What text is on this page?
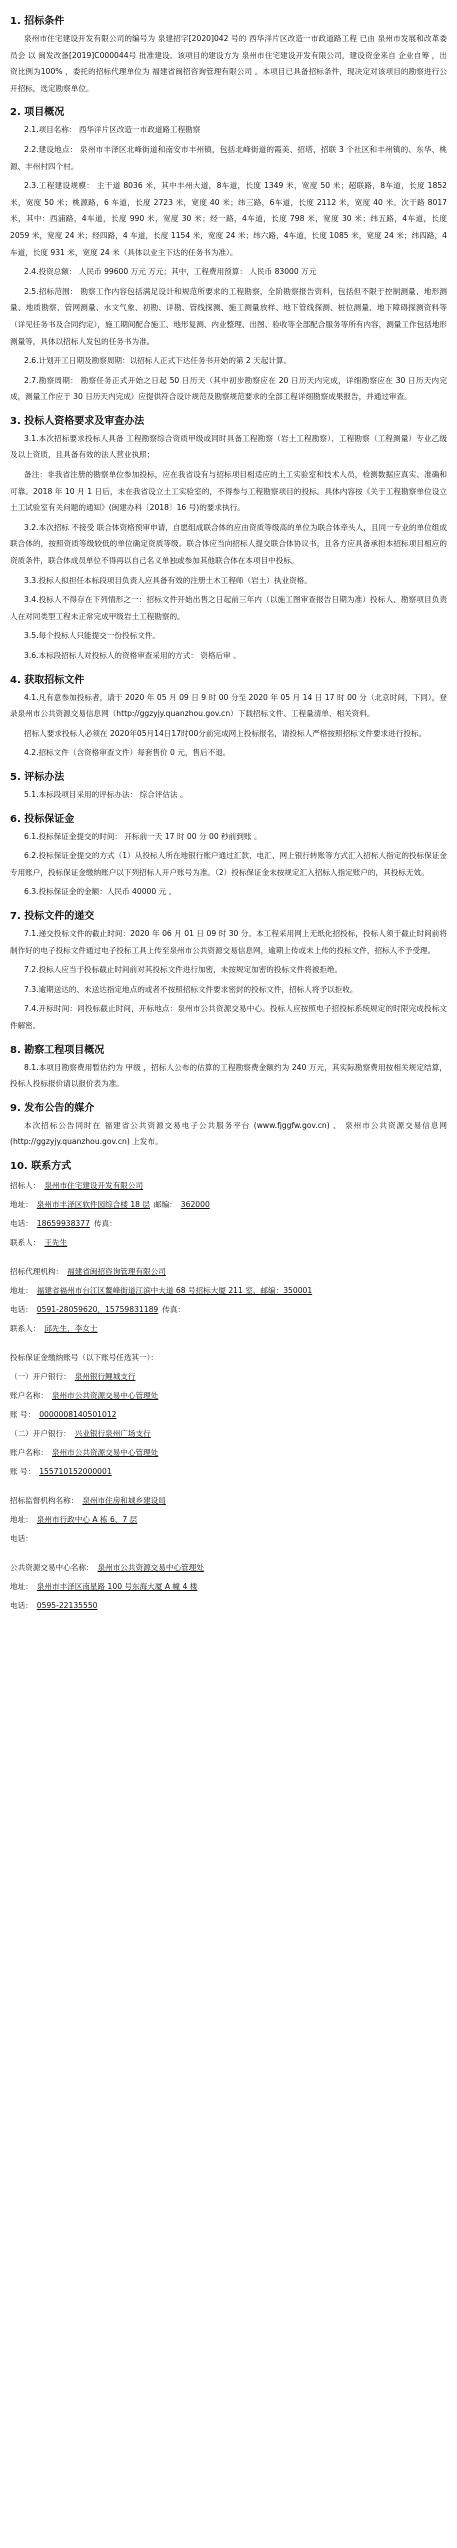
1. 招标条件

泉州市住宅建设开发有限公司的编号为 泉建招字[2020]042 号的 西华洋片区改造一市政道路工程 已由 泉州市发展和改革委员会 以 闽发改备[2019]C000044号 批准建设。该项目的建设方为 泉州市住宅建设开发有限公司，建设资金来自 企业自筹 ，出资比例为100% ，委托的招标代理单位为 福建省闽招咨询管理有限公司 。本项目已具备招标条件，现决定对该项目的勘察进行公开招标，选定勘察单位。

2. 项目概况

2.1.项目名称： 西华洋片区改造一市政道路工程勘察

2.2.建设地点： 泉州市丰泽区北峰街道和南安市丰州镇，包括北峰街道的霞美、招塔，招联 3 个社区和丰州镇的、东华、桃源、丰州村四个村。

2.3.工程建设规模： 主干道 8036 米，其中丰州大道，8车道，长度 1349 米，宽度 50 米；超联路，8车道，长度 1852 米，宽度 50 米；桃源路，6 车道，长度 2723 米，宽度 40 米；纬三路，6车道，长度 2112 米，宽度 40 米。次干路 8017 米，其中：西浦路，4车道，长度 990 米，宽度 30 米；经一路，4车道，长度 798 米，宽度 30 米；纬五路，4车道，长度 2059 米，宽度 24 米；经四路，4 车道，长度 1154 米，宽度 24 米；纬六路，4车道，长度 1085 米，宽度 24 米；纬四路，4车道，长度 931 米，宽度 24 米（具体以业主下达的任务书为准）。

2.4.投资总额： 人民币 99600 万元 万元；其中，工程费用预算： 人民币 83000 万元

2.5.招标范围： 勘察工作内容包括满足设计和规范所要求的工程勘察，全阶勘察报告资料，包括但不限于控制测量、地形测量、地质勘察、管网测量、水文气象、初勘、详勘、管线探测、施工测量放样、地下管线探测、桩位测量、地下障碍探测资料等（详见任务书及合同约定），施工期间配合施工、地形复测、内业整理、出图、验收等全部配合服务等所有内容，测量工作包括地形测量等，具体以招标人发包的任务书为准。

2.6.计划开工日期及勘察周期：以招标人正式下达任务书开始的第 2 天起计算。

2.7.勘察周期： 勘察任务正式开始之日起 50 日历天（其中初步勘察应在 20 日历天内完成，详细勘察应在 30 日历天内完成，测量工作应于 30 日历天内完成）应提供符合设计规范及勘察规范要求的全部工程详细勘察成果报告，并通过审查。

3. 投标人资格要求及审查办法

3.1.本次招标要求投标人具备 工程勘察综合资质甲级或同时具备工程勘察（岩土工程勘察）、工程勘察（工程测量）专业乙级及以上资质，且具备有效的法人营业执照；

备注：非我省注册的勘察单位参加投标，应在我省设有与招标项目相适应的土工实验室和技术人员，检测数据应真实、准确和可靠。2018 年 10 月 1 日后，未在我省设立土工实验室的，不得参与工程勘察项目的投标。具体内容按《关于工程勘察单位设立土工试验室有关问题的通知》(闽建办科〔2018〕16 号)的要求执行。

3.2.本次招标 不接受 联合体资格预审申请，自愿组成联合体的应由资质等级高的单位为联合体牵头人，且同一专业的单位组成联合体的，按照资质等级较低的单位确定资质等级。联合体应当向招标人提交联合体协议书，且各方应具备承担本招标项目相应的资质条件，联合体成员单位不得再以自己名义单独或参加其他联合体在本项目中投标。

3.3.投标人拟担任本标段项目负责人应具备有效的注册土木工程师（岩土）执业资格。

3.4.投标人不得存在下列情形之一：招标文件开始出售之日起前三年内（以施工图审查报告日期为准）投标人、勘察项目负责人在对同类型工程未正常完成甲级岩土工程勘察的。

3.5.每个投标人只能提交一份投标文件。

3.6.本标段招标人对投标人的资格审查采用的方式： 资格后审 。

4. 获取招标文件

4.1.凡有意参加投标者，请于 2020 年 05 月 09 日 9 时 00 分至 2020 年 05 月 14 日 17 时 00 分（北京时间，下同），登录泉州市公共资源交易信息网（http://ggzyjy.quanzhou.gov.cn）下载招标文件、工程量清单、相关资料。

招标人要求投标人必须在 2020年05月14日17时00分前完成网上投标报名，请投标人严格按照招标文件要求进行投标。

4.2.招标文件（含资格审查文件）每套售价 0 元，售后不退。

5. 评标办法

5.1.本标段项目采用的评标办法： 综合评估法 。

6. 投标保证金

6.1.投标保证金提交的时间： 开标前一天 17 时 00 分 00 秒前到账 。

6.2.投标保证金提交的方式（1）从投标人所在地银行账户通过汇款、电汇、网上银行转账等方式汇入招标人指定的投标保证金专用账户，投标保证金缴纳账户以下列招标人开户账号为准。（2）投标保证金未按规定汇入招标人指定账户的，其投标无效。

6.3.投标保证金的金额：人民币 40000 元 。

7. 投标文件的递交

7.1.递交投标文件的截止时间：2020 年 06 月 01 日 09 时 30 分。本工程采用网上无纸化招投标，投标人须于截止时间前将制作好的电子投标文件通过电子投标工具上传至泉州市公共资源交易信息网，逾期上传或未上传的投标文件，招标人不予受理。

7.2.投标人应当于投标截止时间前对其投标文件进行加密，未按规定加密的投标文件将被拒绝。

7.3.逾期送达的、未送达指定地点的或者不按照招标文件要求密封的投标文件，招标人将予以拒收。

7.4.开标时间：同投标截止时间，开标地点：泉州市公共资源交易中心。投标人应按照电子招投标系统规定的时限完成投标文件解密。

8. 勘察工程项目概况

8.1.本项目勘察费用暂估约为 甲级 ，招标人公布的估算的工程勘察费金额约为 240 万元，其实际勘察费用按相关规定结算，投标人投标报价请以报价表为准。

9. 发布公告的媒介

本次招标公告同时在 福建省公共资源交易电子公共服务平台 (www.fjggfw.gov.cn) 、 泉州市公共资源交易信息网 (http://ggzyjy.quanzhou.gov.cn) 上发布。

10. 联系方式
招标人： 泉州市住宅建设开发有限公司
地址： 泉州市丰泽区软件园综合楼 18 层 邮编： 362000
电话： 18659938377 传真：
联系人： 王先生
招标代理机构： 福建省闽招咨询管理有限公司
地址： 福建省福州市台江区鳌峰街道江滨中大道 68 号招标大厦 211 室，邮编：350001
电话： 0591-28059620，15759831189 传真：
联系人： 邱先生，李女士
投标保证金缴纳账号（以下账号任选其一）：
（一）开户银行： 泉州银行鲤城支行
账户名称： 泉州市公共资源交易中心管理处
账 号： 0000008140501012
（二）开户银行： 兴业银行泉州广场支行
账户名称： 泉州市公共资源交易中心管理处
账 号： 155710152000001
招标监督机构名称： 泉州市住房和城乡建设局
地址： 泉州市行政中心 A 栋 6、7 层
电话：
公共资源交易中心名称： 泉州市公共资源交易中心管理处
地址： 泉州市丰泽区南星路 100 号东海大厦 A 幢 4 楼
电话： 0595-22135550
